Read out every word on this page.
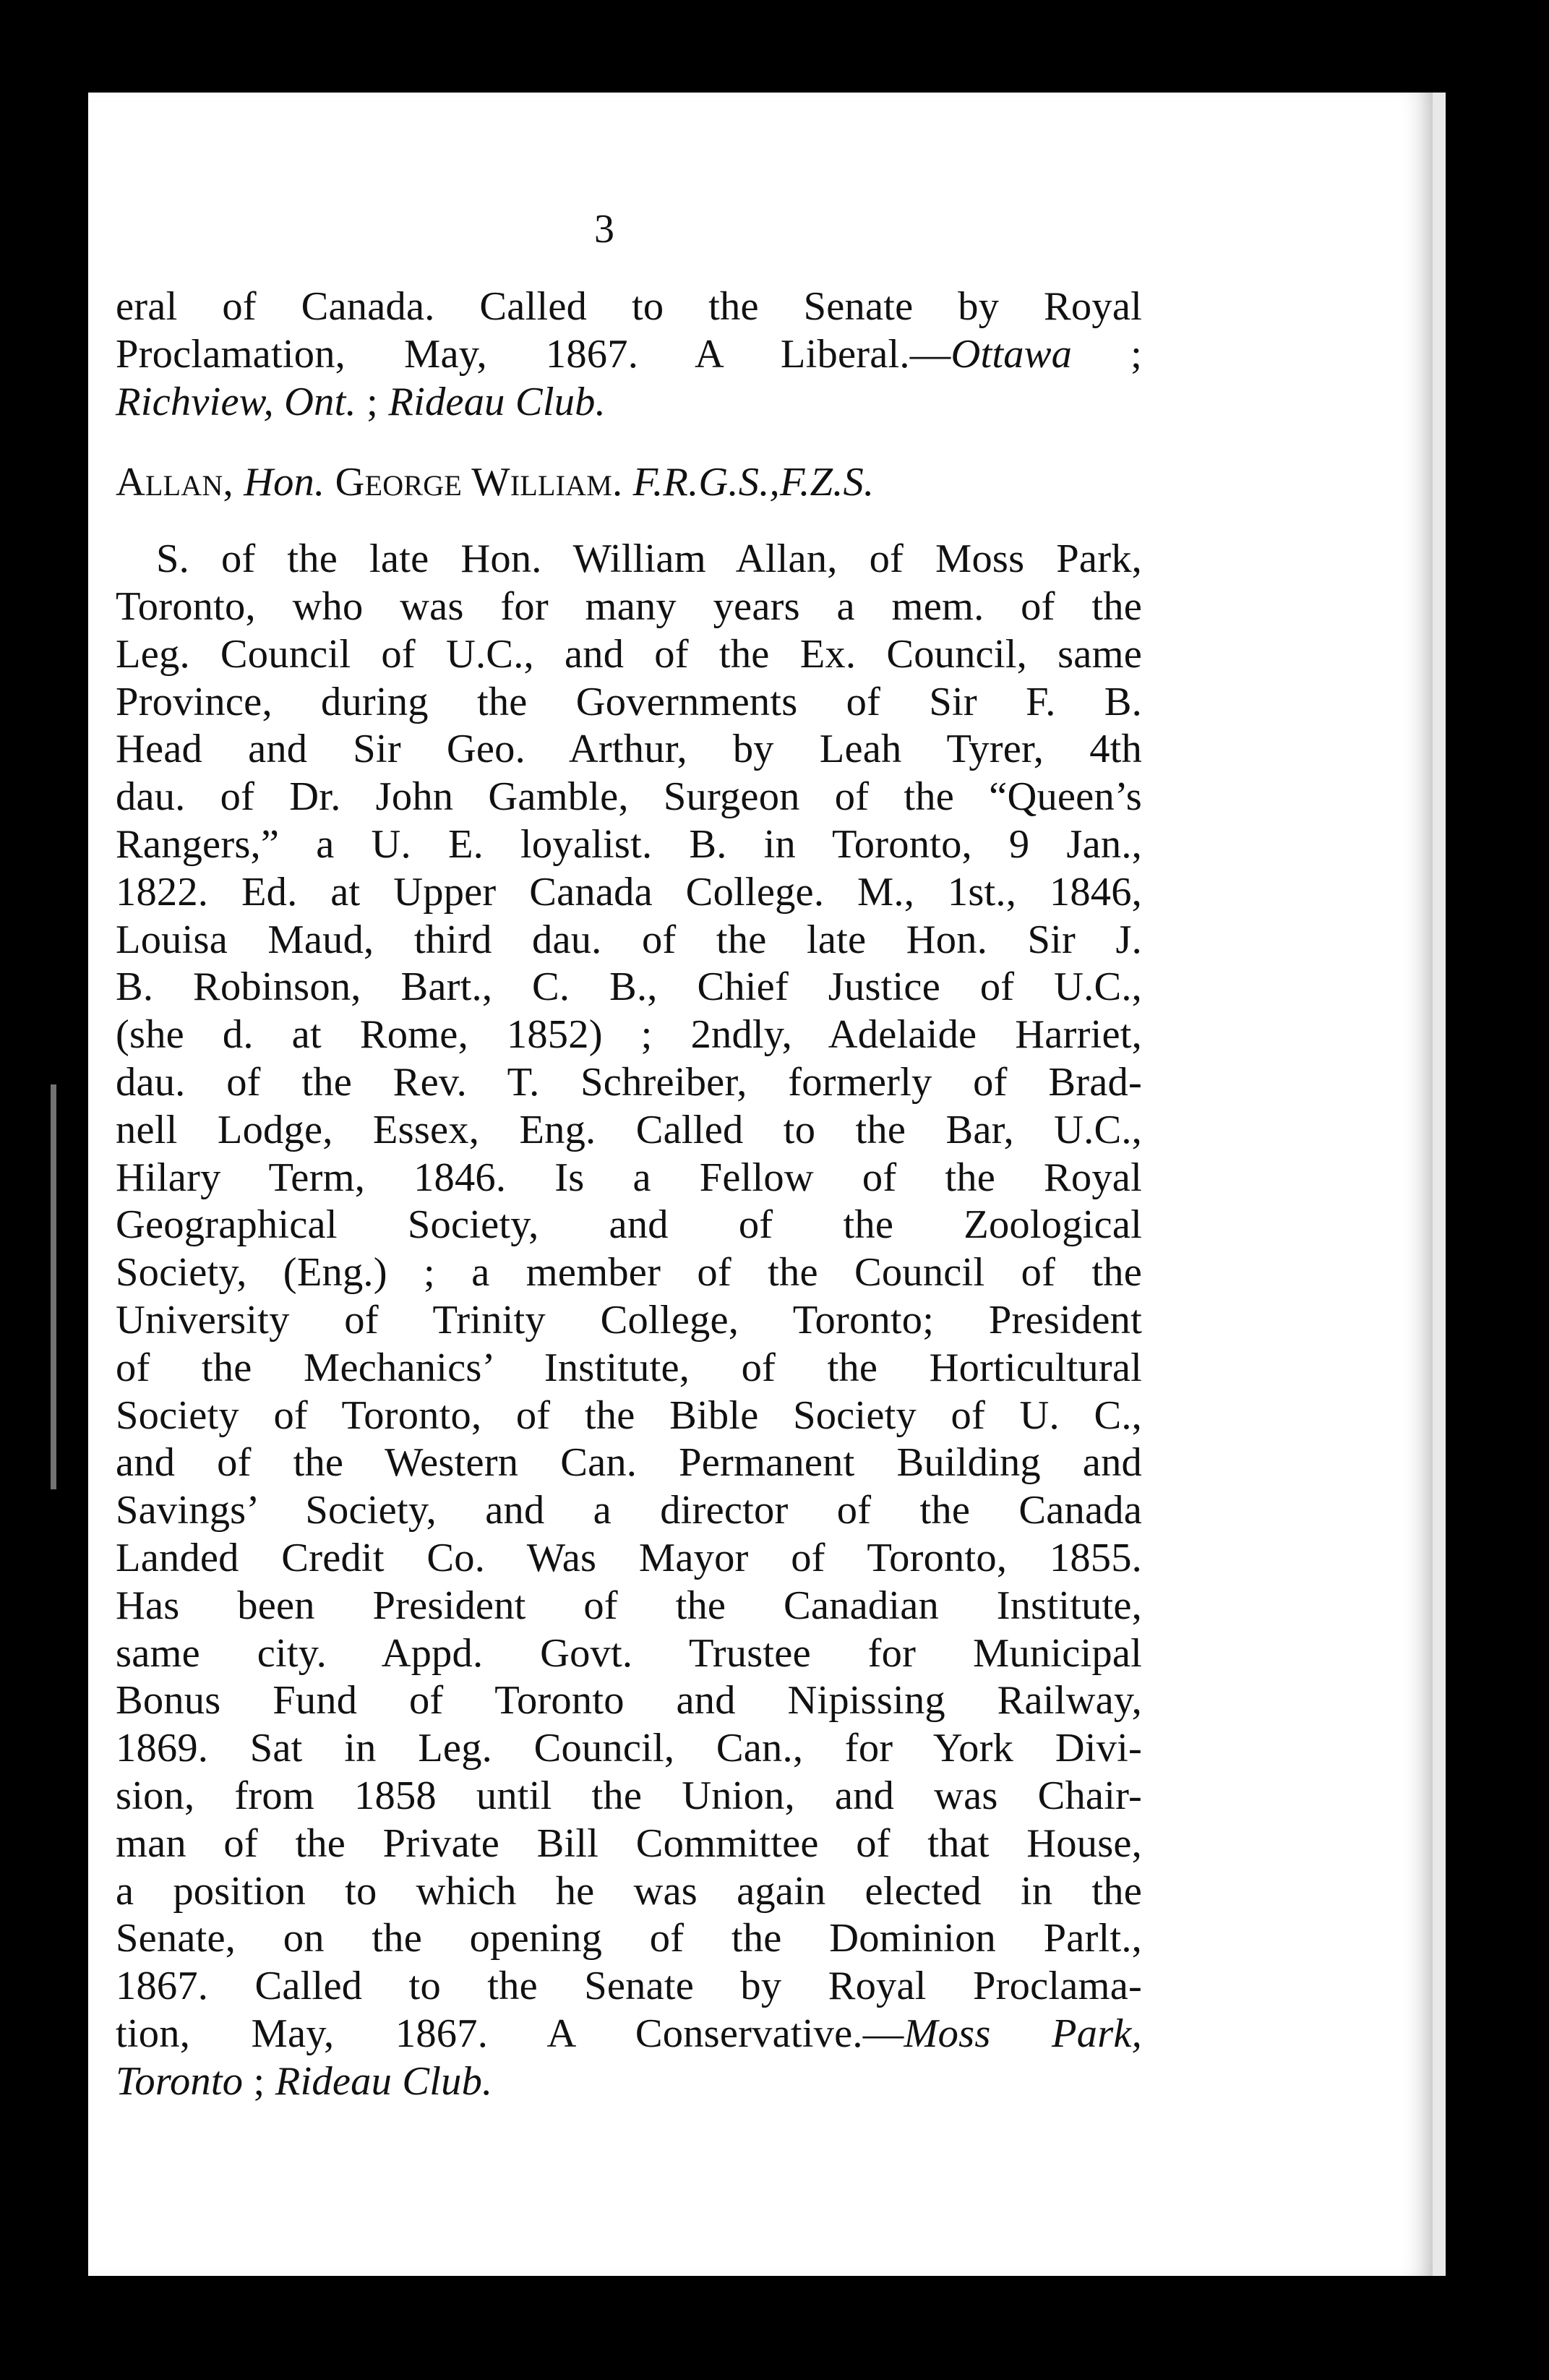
3

eral of Canada. Called to the Senate by Royal
Proclamation, May, 1867. A Liberal.—Ottawa ;
Richview, Ont. ; Rideau Club.
Allan, Hon. George William. F.R.G.S.,F.Z.S.
S. of the late Hon. William Allan, of Moss Park,
Toronto, who was for many years a mem. of the
Leg. Council of U.C., and of the Ex. Council, same
Province, during the Governments of Sir F. B.
Head and Sir Geo. Arthur, by Leah Tyrer, 4th
dau. of Dr. John Gamble, Surgeon of the “Queen’s
Rangers,” a U. E. loyalist. B. in Toronto, 9 Jan.,
1822. Ed. at Upper Canada College. M., 1st., 1846,
Louisa Maud, third dau. of the late Hon. Sir J.
B. Robinson, Bart., C. B., Chief Justice of U.C.,
(she d. at Rome, 1852) ; 2ndly, Adelaide Harriet,
dau. of the Rev. T. Schreiber, formerly of Brad-
nell Lodge, Essex, Eng. Called to the Bar, U.C.,
Hilary Term, 1846. Is a Fellow of the Royal
Geographical Society, and of the Zoological
Society, (Eng.) ; a member of the Council of the
University of Trinity College, Toronto; President
of the Mechanics’ Institute, of the Horticultural
Society of Toronto, of the Bible Society of U. C.,
and of the Western Can. Permanent Building and
Savings’ Society, and a director of the Canada
Landed Credit Co. Was Mayor of Toronto, 1855.
Has been President of the Canadian Institute,
same city. Appd. Govt. Trustee for Municipal
Bonus Fund of Toronto and Nipissing Railway,
1869. Sat in Leg. Council, Can., for York Divi-
sion, from 1858 until the Union, and was Chair-
man of the Private Bill Committee of that House,
a position to which he was again elected in the
Senate, on the opening of the Dominion Parlt.,
1867. Called to the Senate by Royal Proclama-
tion, May, 1867. A Conservative.—Moss Park,
Toronto ; Rideau Club.
